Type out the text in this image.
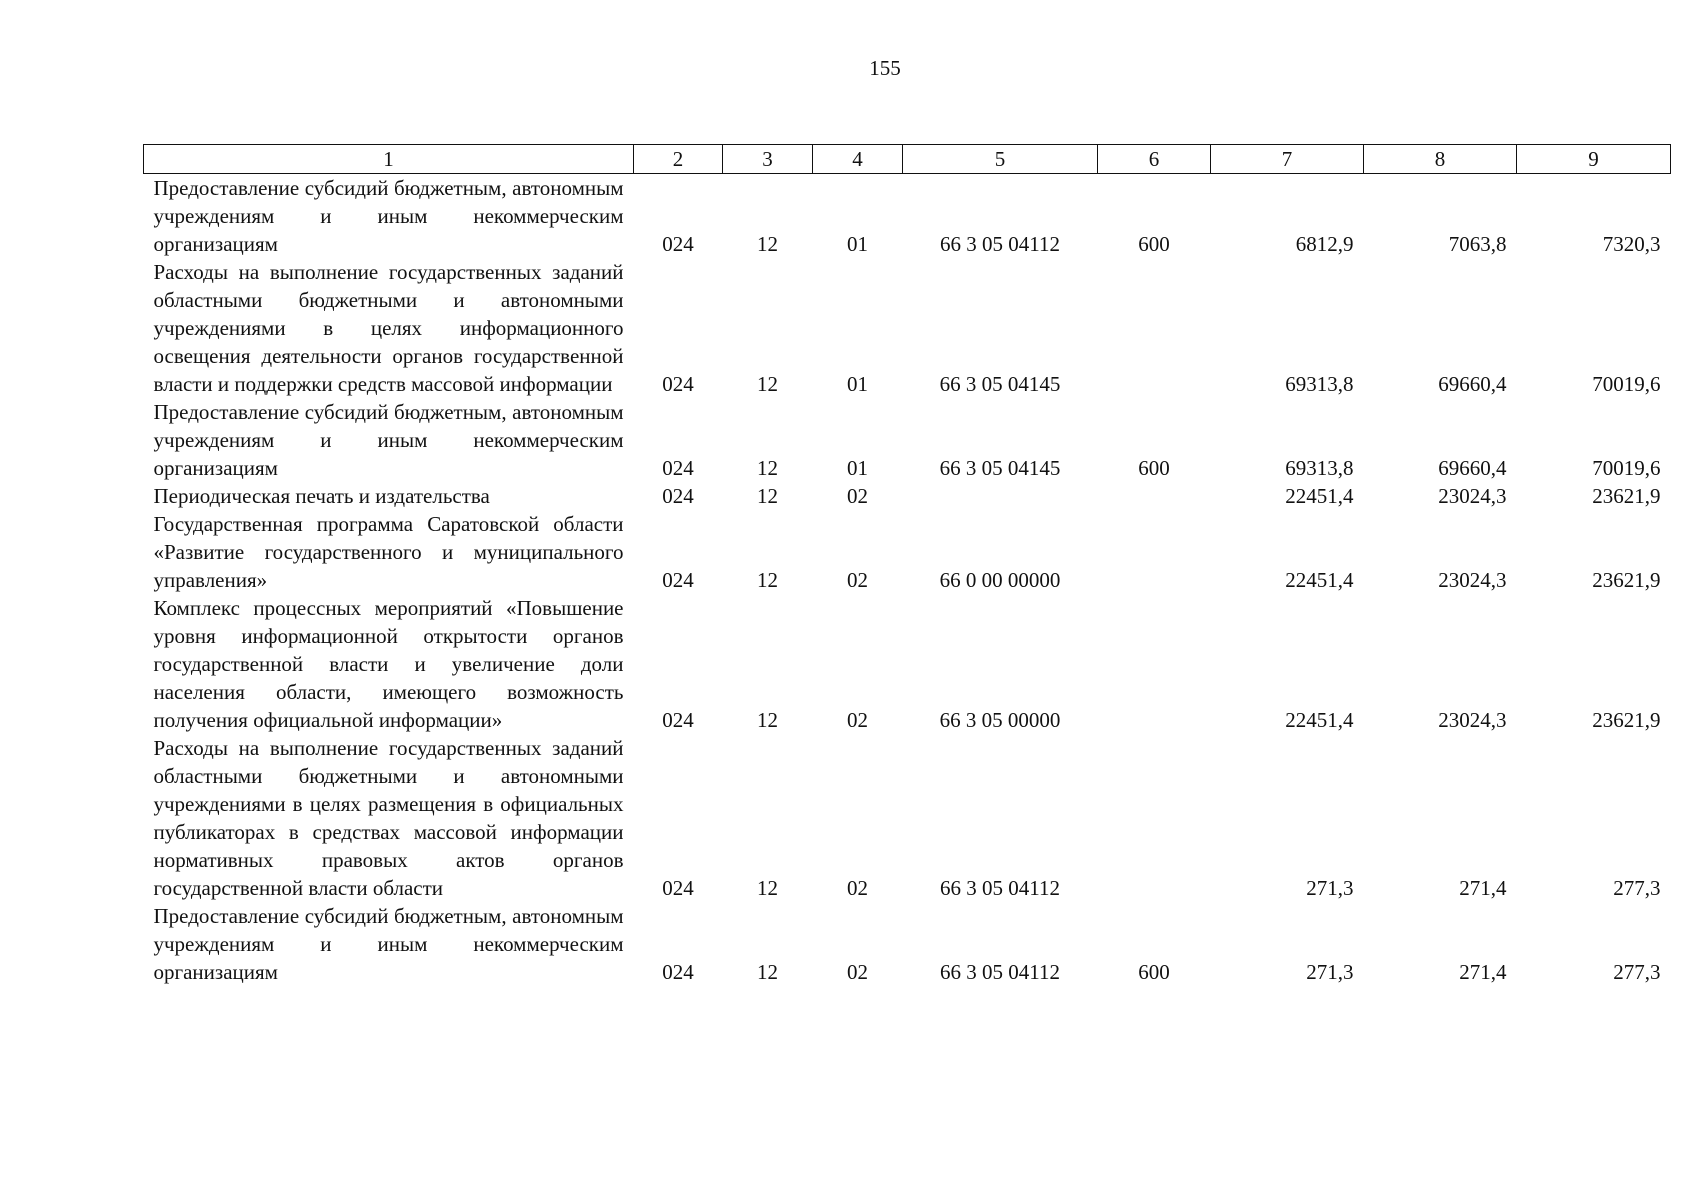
155
1	2	3	4	5	6	7	8	9
Предоставление субсидий бюджетным, автономным учреждениям и иным некоммерческим организациям	024	12	01	66 3 05 04112	600	6812,9	7063,8	7320,3
Расходы на выполнение государственных заданий областными бюджетными и автономными учреждениями в целях информационного освещения деятельности органов государственной власти и поддержки средств массовой информации	024	12	01	66 3 05 04145		69313,8	69660,4	70019,6
Предоставление субсидий бюджетным, автономным учреждениям и иным некоммерческим организациям	024	12	01	66 3 05 04145	600	69313,8	69660,4	70019,6
Периодическая печать и издательства	024	12	02			22451,4	23024,3	23621,9
Государственная программа Саратовской области «Развитие государственного и муниципального управления»	024	12	02	66 0 00 00000		22451,4	23024,3	23621,9
Комплекс процессных мероприятий «Повышение уровня информационной открытости органов государственной власти и увеличение доли населения области, имеющего возможность получения официальной информации»	024	12	02	66 3 05 00000		22451,4	23024,3	23621,9
Расходы на выполнение государственных заданий областными бюджетными и автономными учреждениями в целях размещения в официальных публикаторах в средствах массовой информации нормативных правовых актов органов государственной власти области	024	12	02	66 3 05 04112		271,3	271,4	277,3
Предоставление субсидий бюджетным, автономным учреждениям и иным некоммерческим организациям	024	12	02	66 3 05 04112	600	271,3	271,4	277,3
